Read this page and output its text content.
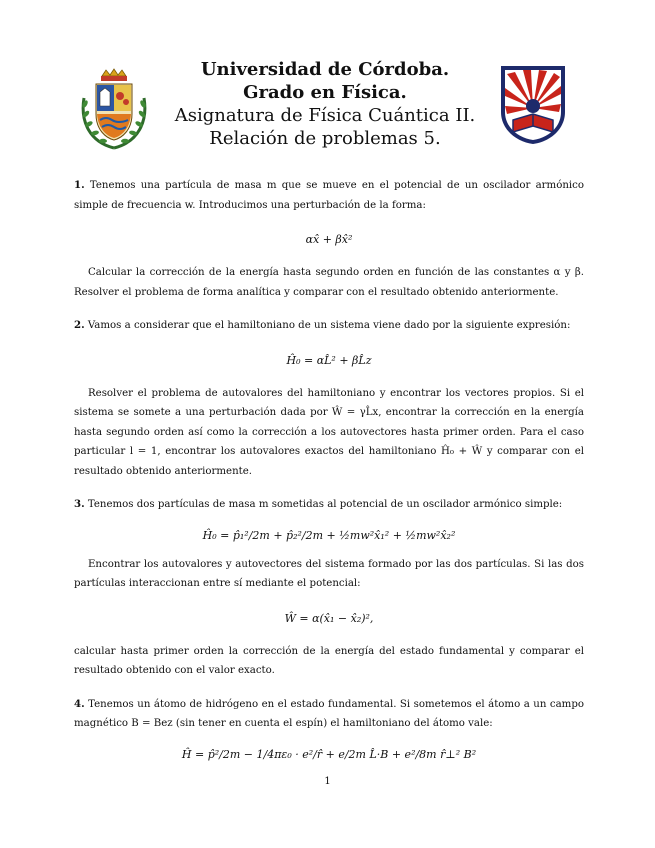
Universidad de Córdoba.
Grado en Física.
Asignatura de Física Cuántica II.
Relación de problemas 5.

1. Tenemos una partícula de masa m que se mueve en el potencial de un oscilador armónico simple de frecuencia w. Introducimos una perturbación de la forma:

αx̂ + βx̂²

Calcular la corrección de la energía hasta segundo orden en función de las constantes α y β. Resolver el problema de forma analítica y comparar con el resultado obtenido anteriormente.

2. Vamos a considerar que el hamiltoniano de un sistema viene dado por la siguiente expresión:

Ĥ₀ = αL̂² + βL̂z

Resolver el problema de autovalores del hamiltoniano y encontrar los vectores propios. Si el sistema se somete a una perturbación dada por Ŵ = γL̂x, encontrar la corrección en la energía hasta segundo orden así como la corrección a los autovectores hasta primer orden. Para el caso particular l = 1, encontrar los autovalores exactos del hamiltoniano Ĥ₀ + Ŵ y comparar con el resultado obtenido anteriormente.

3. Tenemos dos partículas de masa m sometidas al potencial de un oscilador armónico simple:

Ĥ₀ = p̂₁²/2m + p̂₂²/2m + ½mw²x̂₁² + ½mw²x̂₂²

Encontrar los autovalores y autovectores del sistema formado por las dos partículas. Si las dos partículas interaccionan entre sí mediante el potencial:

Ŵ = α(x̂₁ − x̂₂)²,

calcular hasta primer orden la corrección de la energía del estado fundamental y comparar el resultado obtenido con el valor exacto.

4. Tenemos un átomo de hidrógeno en el estado fundamental. Si sometemos el átomo a un campo magnético B = Bez (sin tener en cuenta el espín) el hamiltoniano del átomo vale:

Ĥ = p̂²/2m − 1/4πε₀ · e²/r̂ + e/2m L̂·B + e²/8m r̂⊥² B²
1
